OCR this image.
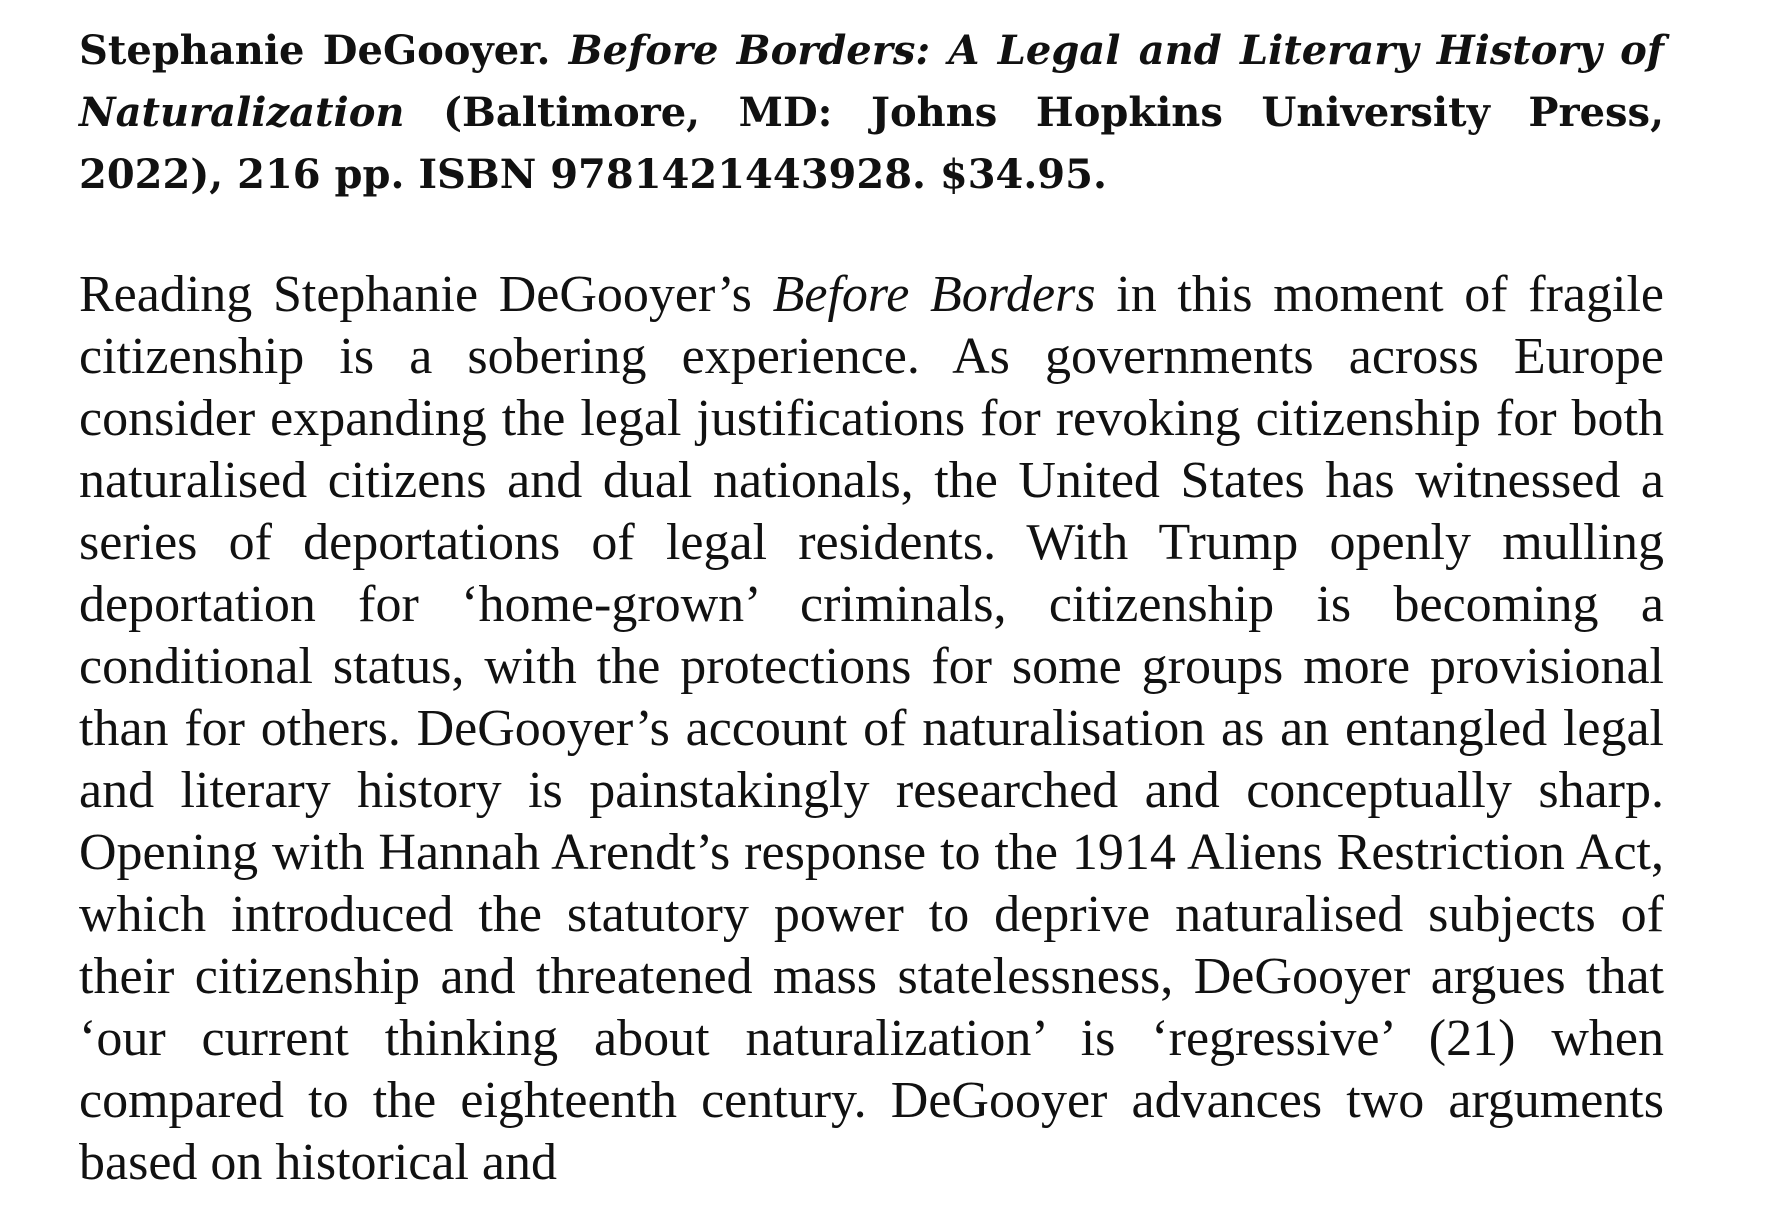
Stephanie DeGooyer. Before Borders: A Legal and Literary History of Naturalization (Baltimore, MD: Johns Hopkins University Press, 2022), 216 pp. ISBN 9781421443928. $34.95.

Reading Stephanie DeGooyer’s Before Borders in this moment of fragile citizenship is a sobering experience. As governments across Europe consider expanding the legal justifications for revoking citizenship for both naturalised citizens and dual nationals, the United States has witnessed a series of deportations of legal residents. With Trump openly mulling deportation for ‘home-grown’ criminals, citizenship is becoming a conditional status, with the protections for some groups more provisional than for others. DeGooyer’s account of naturalisation as an entangled legal and literary history is painstakingly researched and conceptually sharp. Opening with Hannah Arendt’s response to the 1914 Aliens Restriction Act, which introduced the statutory power to deprive naturalised subjects of their citizenship and threatened mass statelessness, DeGooyer argues that ‘our current thinking about naturalization’ is ‘regressive’ (21) when compared to the eighteenth century. DeGooyer advances two arguments based on historical and
